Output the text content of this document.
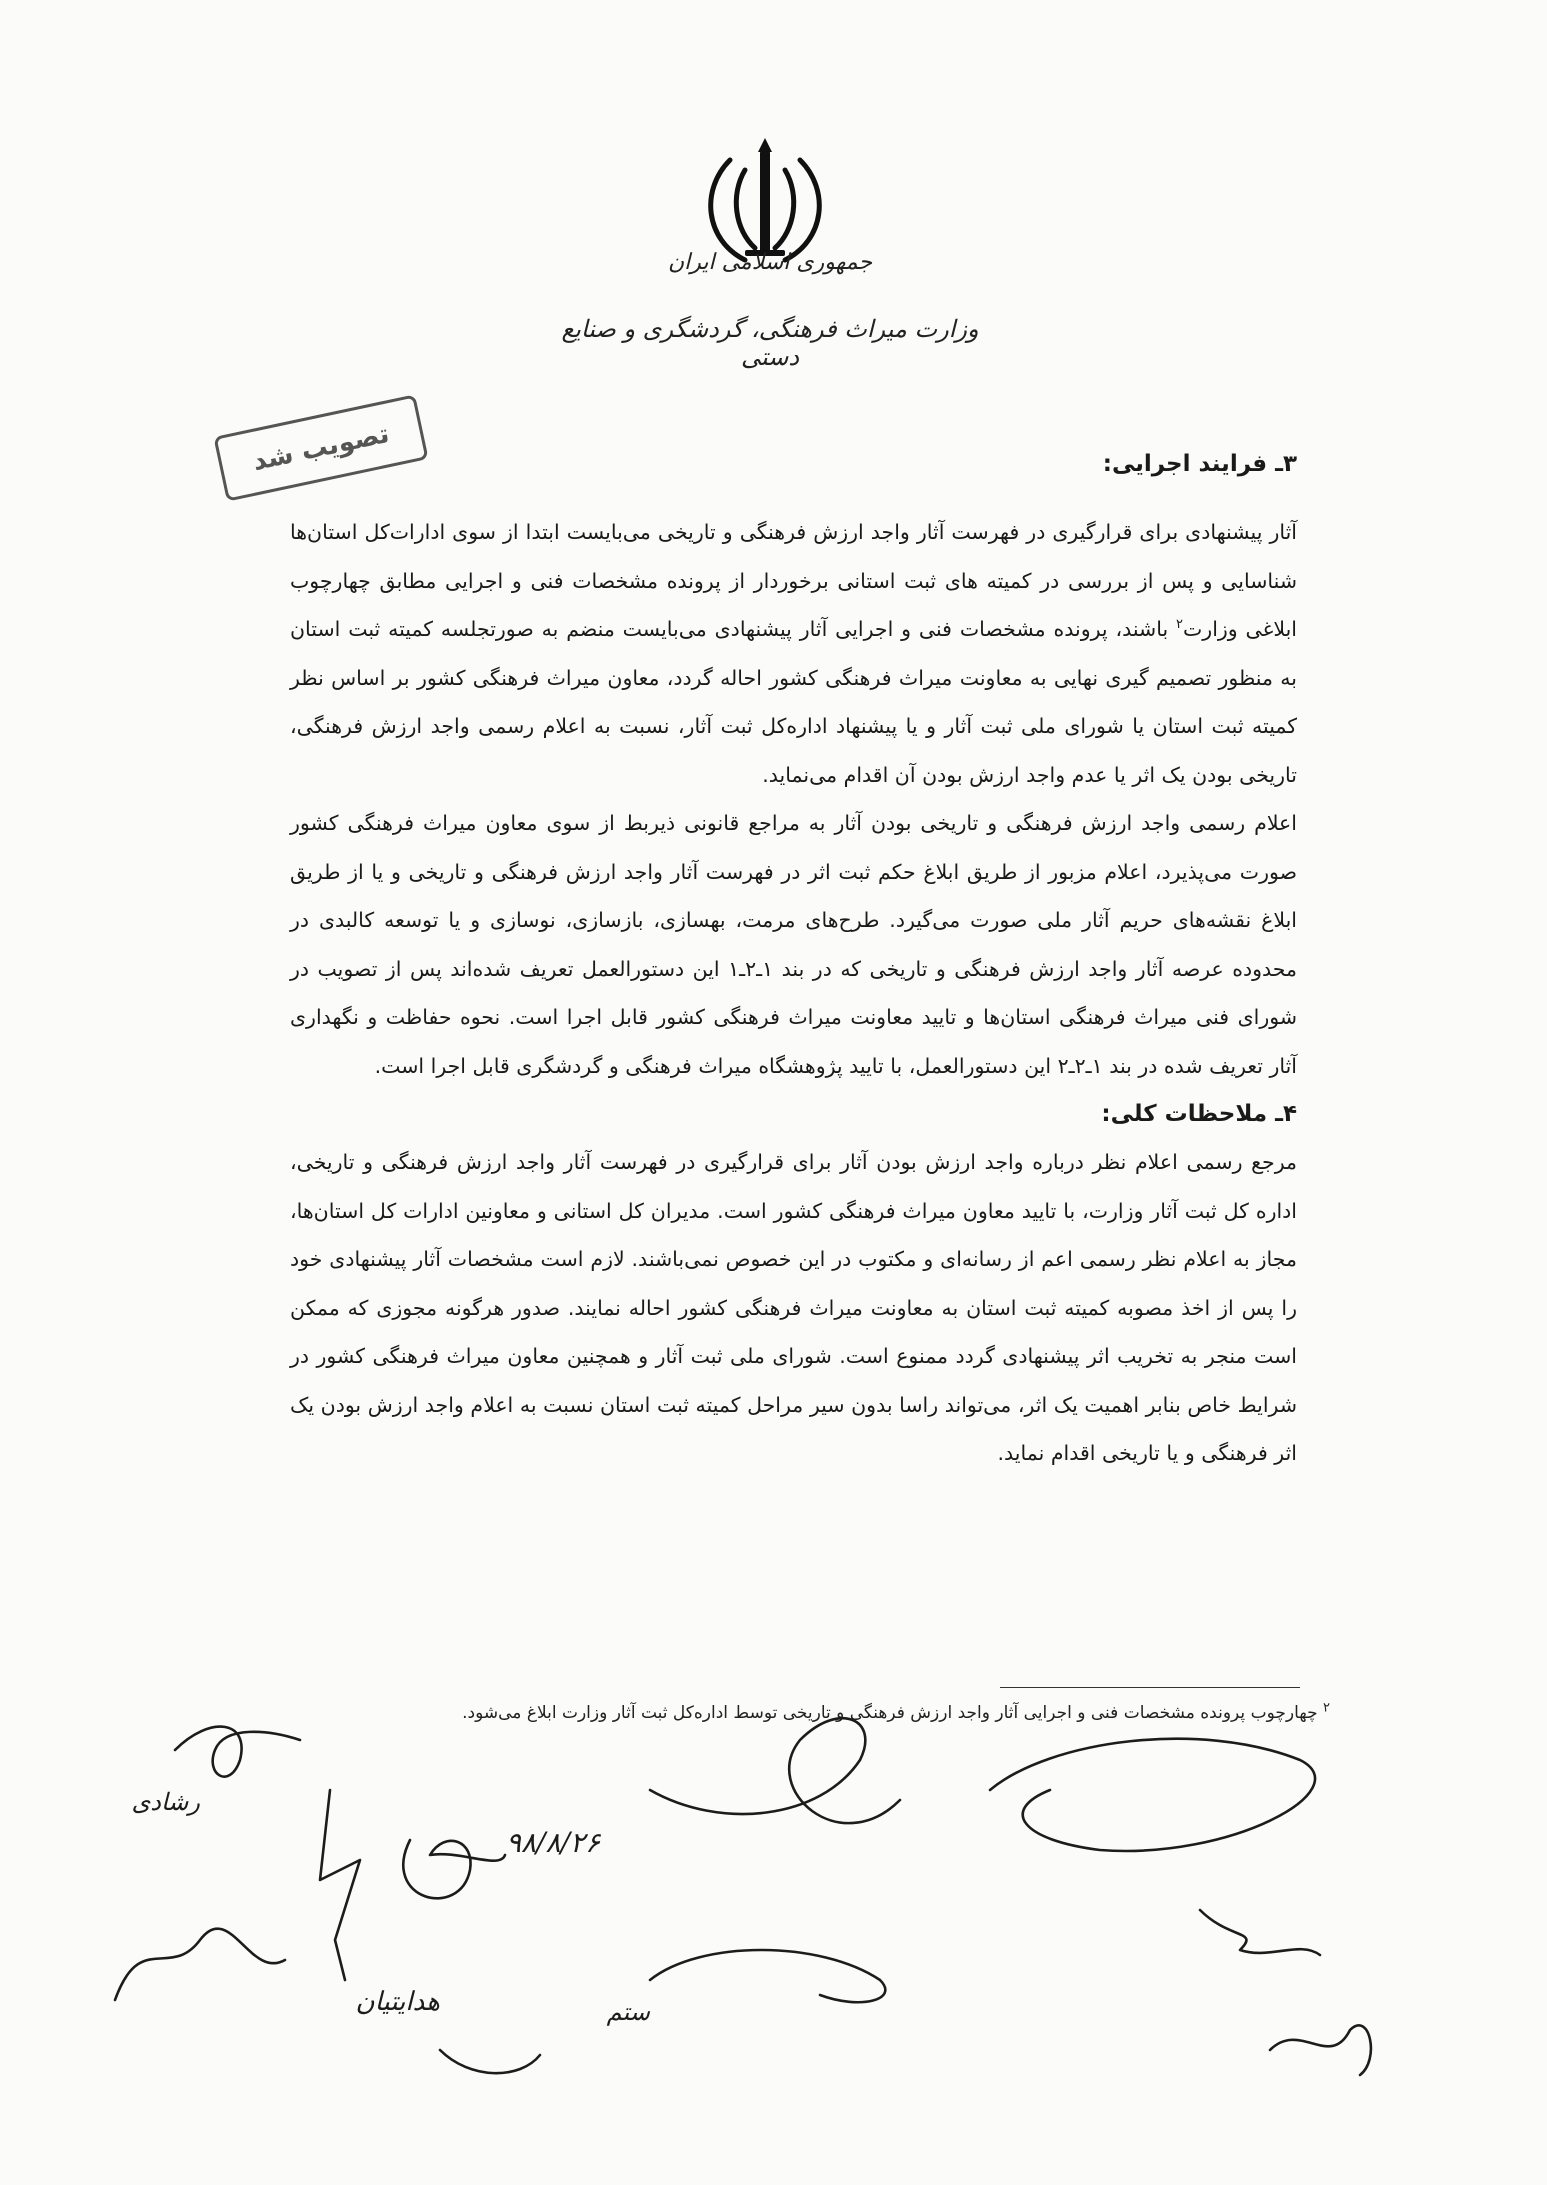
جمهوری اسلامی ایران
وزارت میراث فرهنگی، گردشگری و صنایع دستی
تصویب شد	۳ـ فرایند اجرایی:

آثار پیشنهادی برای قرارگیری در فهرست آثار واجد ارزش فرهنگی و تاریخی می‌بایست ابتدا از سوی ادارات‌کل استان‌ها شناسایی و پس از بررسی در کمیته های ثبت استانی برخوردار از پرونده مشخصات فنی و اجرایی مطابق چهارچوب ابلاغی وزارت$^۲$ باشند، پرونده مشخصات فنی و اجرایی آثار پیشنهادی می‌بایست منضم به صورتجلسه کمیته ثبت استان به منظور تصمیم گیری نهایی به معاونت میراث فرهنگی کشور احاله گردد، معاون میراث فرهنگی کشور بر اساس نظر کمیته ثبت استان یا شورای ملی ثبت آثار و یا پیشنهاد اداره‌کل ثبت آثار، نسبت به اعلام رسمی واجد ارزش فرهنگی، تاریخی بودن یک اثر یا عدم واجد ارزش بودن آن اقدام می‌نماید.

اعلام رسمی واجد ارزش فرهنگی و تاریخی بودن آثار به مراجع قانونی ذیربط از سوی معاون میراث فرهنگی کشور صورت می‌پذیرد، اعلام مزبور از طریق ابلاغ حکم ثبت اثر در فهرست آثار واجد ارزش فرهنگی و تاریخی و یا از طریق ابلاغ نقشه‌های حریم آثار ملی صورت می‌گیرد. طرح‌های مرمت، بهسازی، بازسازی، نوسازی و یا توسعه کالبدی در محدوده عرصه آثار واجد ارزش فرهنگی و تاریخی که در بند ۱ـ۲ـ۱ این دستورالعمل تعریف شده‌اند پس از تصویب در شورای فنی میراث فرهنگی استان‌ها و تایید معاونت میراث فرهنگی کشور قابل اجرا است. نحوه حفاظت و نگهداری آثار تعریف شده در بند ۱ـ۲ـ۲ این دستورالعمل، با تایید پژوهشگاه میراث فرهنگی و گردشگری قابل اجرا است.

۴ـ ملاحظات کلی:

مرجع رسمی اعلام نظر درباره واجد ارزش بودن آثار برای قرارگیری در فهرست آثار واجد ارزش فرهنگی و تاریخی، اداره کل ثبت آثار وزارت، با تایید معاون میراث فرهنگی کشور است. مدیران کل استانی و معاونین ادارات کل استان‌ها، مجاز به اعلام نظر رسمی اعم از رسانه‌ای و مکتوب در این خصوص نمی‌باشند. لازم است مشخصات آثار پیشنهادی خود را پس از اخذ مصوبه کمیته ثبت استان به معاونت میراث فرهنگی کشور احاله نمایند. صدور هرگونه مجوزی که ممکن است منجر به تخریب اثر پیشنهادی گردد ممنوع است. شورای ملی ثبت آثار و همچنین معاون میراث فرهنگی کشور در شرایط خاص بنابر اهمیت یک اثر، می‌تواند راسا بدون سیر مراحل کمیته ثبت استان نسبت به اعلام واجد ارزش بودن یک اثر فرهنگی و یا تاریخی اقدام نماید.

$^۲$ چهارچوب پرونده مشخصات فنی و اجرایی آثار واجد ارزش فرهنگی و تاریخی توسط اداره‌کل ثبت آثار وزارت ابلاغ می‌شود.
۹۸/۸/۲۶
رشادی
هدایتیان	ستم
